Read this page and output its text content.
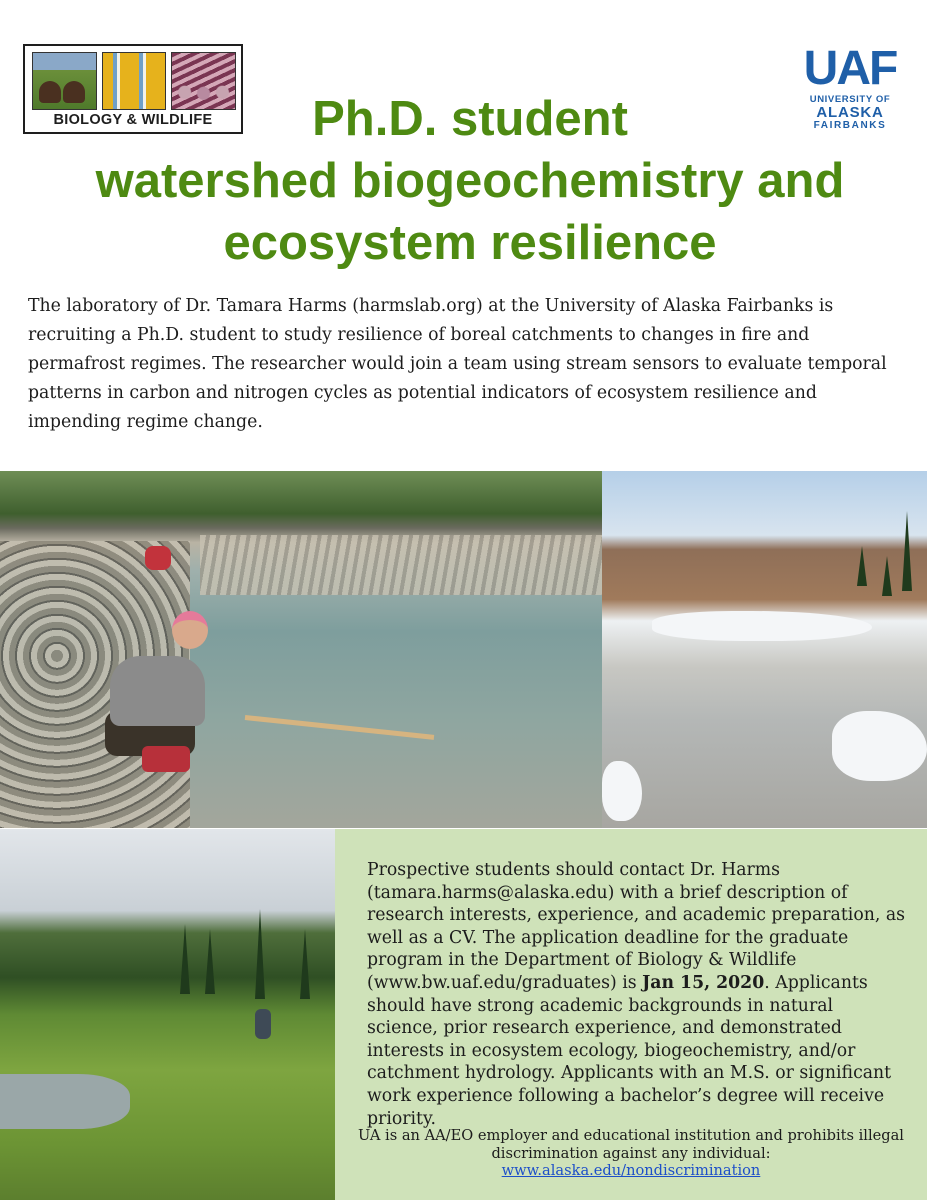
BIOLOGY & WILDLIFE
UAF
UNIVERSITY OF
ALASKA
FAIRBANKS
Ph.D. student
watershed biogeochemistry and
ecosystem resilience

The laboratory of Dr. Tamara Harms (harmslab.org) at the University of Alaska Fairbanks is recruiting a Ph.D. student to study resilience of boreal catchments to changes in fire and permafrost regimes. The researcher would join a team using stream sensors to evaluate temporal patterns in carbon and nitrogen cycles as potential indicators of ecosystem resilience and impending regime change.

Prospective students should contact Dr. Harms (tamara.harms@alaska.edu) with a brief description of research interests, experience, and academic preparation, as well as a CV. The application deadline for the graduate program in the Department of Biology & Wildlife (www.bw.uaf.edu/graduates) is Jan 15, 2020. Applicants should have strong academic backgrounds in natural science, prior research experience, and demonstrated interests in ecosystem ecology, biogeochemistry, and/or catchment hydrology. Applicants with an M.S. or significant work experience following a bachelor’s degree will receive priority.

UA is an AA/EO employer and educational institution and prohibits illegal discrimination against any individual:
www.alaska.edu/nondiscrimination
